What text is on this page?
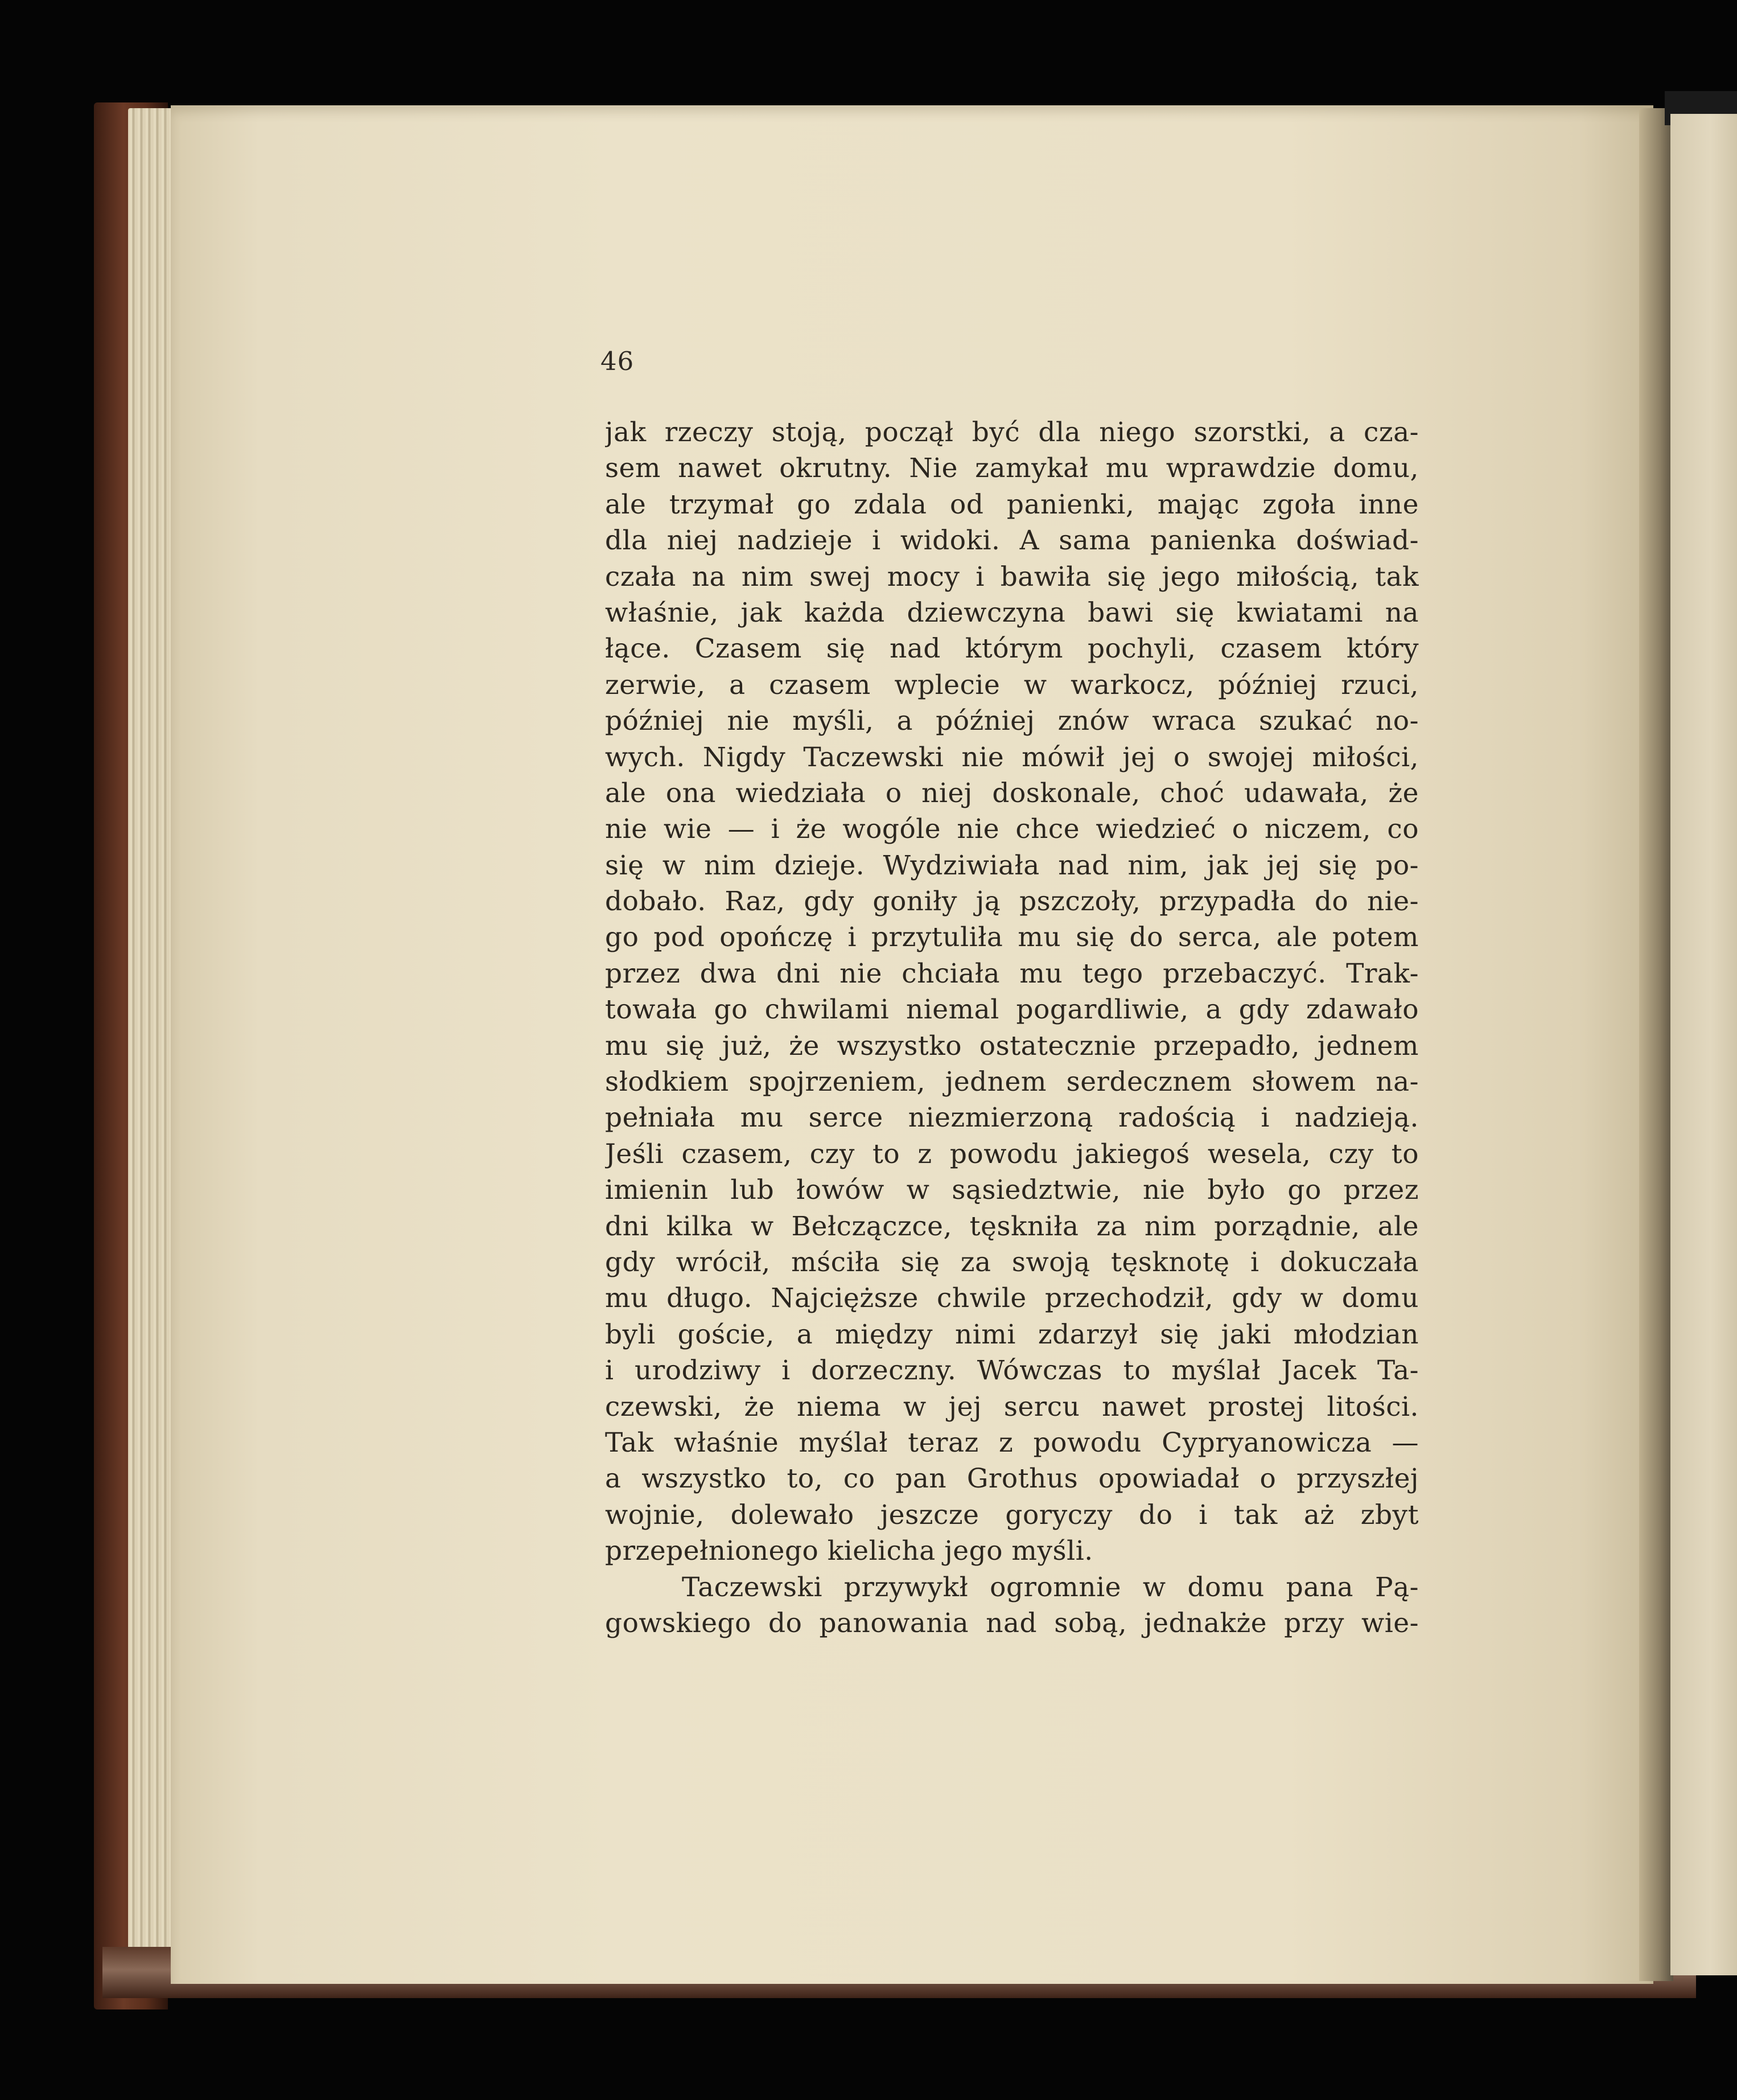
46
jak rzeczy stoją, począł być dla niego szorstki, a cza-
sem nawet okrutny. Nie zamykał mu wprawdzie domu,
ale trzymał go zdala od panienki, mając zgoła inne
dla niej nadzieje i widoki. A sama panienka doświad-
czała na nim swej mocy i bawiła się jego miłością, tak
właśnie, jak każda dziewczyna bawi się kwiatami na
łące. Czasem się nad którym pochyli, czasem który
zerwie, a czasem wplecie w warkocz, później rzuci,
później nie myśli, a później znów wraca szukać no-
wych. Nigdy Taczewski nie mówił jej o swojej miłości,
ale ona wiedziała o niej doskonale, choć udawała, że
nie wie — i że wogóle nie chce wiedzieć o niczem, co
się w nim dzieje. Wydziwiała nad nim, jak jej się po-
dobało. Raz, gdy goniły ją pszczoły, przypadła do nie-
go pod opończę i przytuliła mu się do serca, ale potem
przez dwa dni nie chciała mu tego przebaczyć. Trak-
towała go chwilami niemal pogardliwie, a gdy zdawało
mu się już, że wszystko ostatecznie przepadło, jednem
słodkiem spojrzeniem, jednem serdecznem słowem na-
pełniała mu serce niezmierzoną radością i nadzieją.
Jeśli czasem, czy to z powodu jakiegoś wesela, czy to
imienin lub łowów w sąsiedztwie, nie było go przez
dni kilka w Bełczączce, tęskniła za nim porządnie, ale
gdy wrócił, mściła się za swoją tęsknotę i dokuczała
mu długo. Najcięższe chwile przechodził, gdy w domu
byli goście, a między nimi zdarzył się jaki młodzian
i urodziwy i dorzeczny. Wówczas to myślał Jacek Ta-
czewski, że niema w jej sercu nawet prostej litości.
Tak właśnie myślał teraz z powodu Cypryanowicza —
a wszystko to, co pan Grothus opowiadał o przyszłej
wojnie, dolewało jeszcze goryczy do i tak aż zbyt
przepełnionego kielicha jego myśli.
Taczewski przywykł ogromnie w domu pana Pą-
gowskiego do panowania nad sobą, jednakże przy wie-
